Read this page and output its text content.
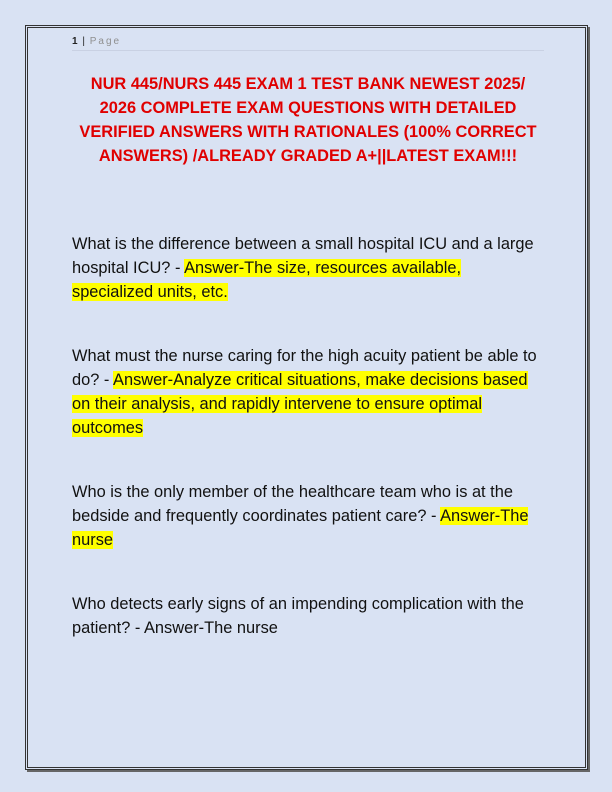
1 | Page
NUR 445/NURS 445 EXAM 1 TEST BANK NEWEST 2025/ 2026 COMPLETE EXAM QUESTIONS WITH DETAILED VERIFIED ANSWERS WITH RATIONALES (100% CORRECT ANSWERS) /ALREADY GRADED A+||LATEST EXAM!!!
What is the difference between a small hospital ICU and a large hospital ICU? - Answer-The size, resources available, specialized units, etc.
What must the nurse caring for the high acuity patient be able to do? - Answer-Analyze critical situations, make decisions based on their analysis, and rapidly intervene to ensure optimal outcomes
Who is the only member of the healthcare team who is at the bedside and frequently coordinates patient care? - Answer-The nurse
Who detects early signs of an impending complication with the patient? - Answer-The nurse
